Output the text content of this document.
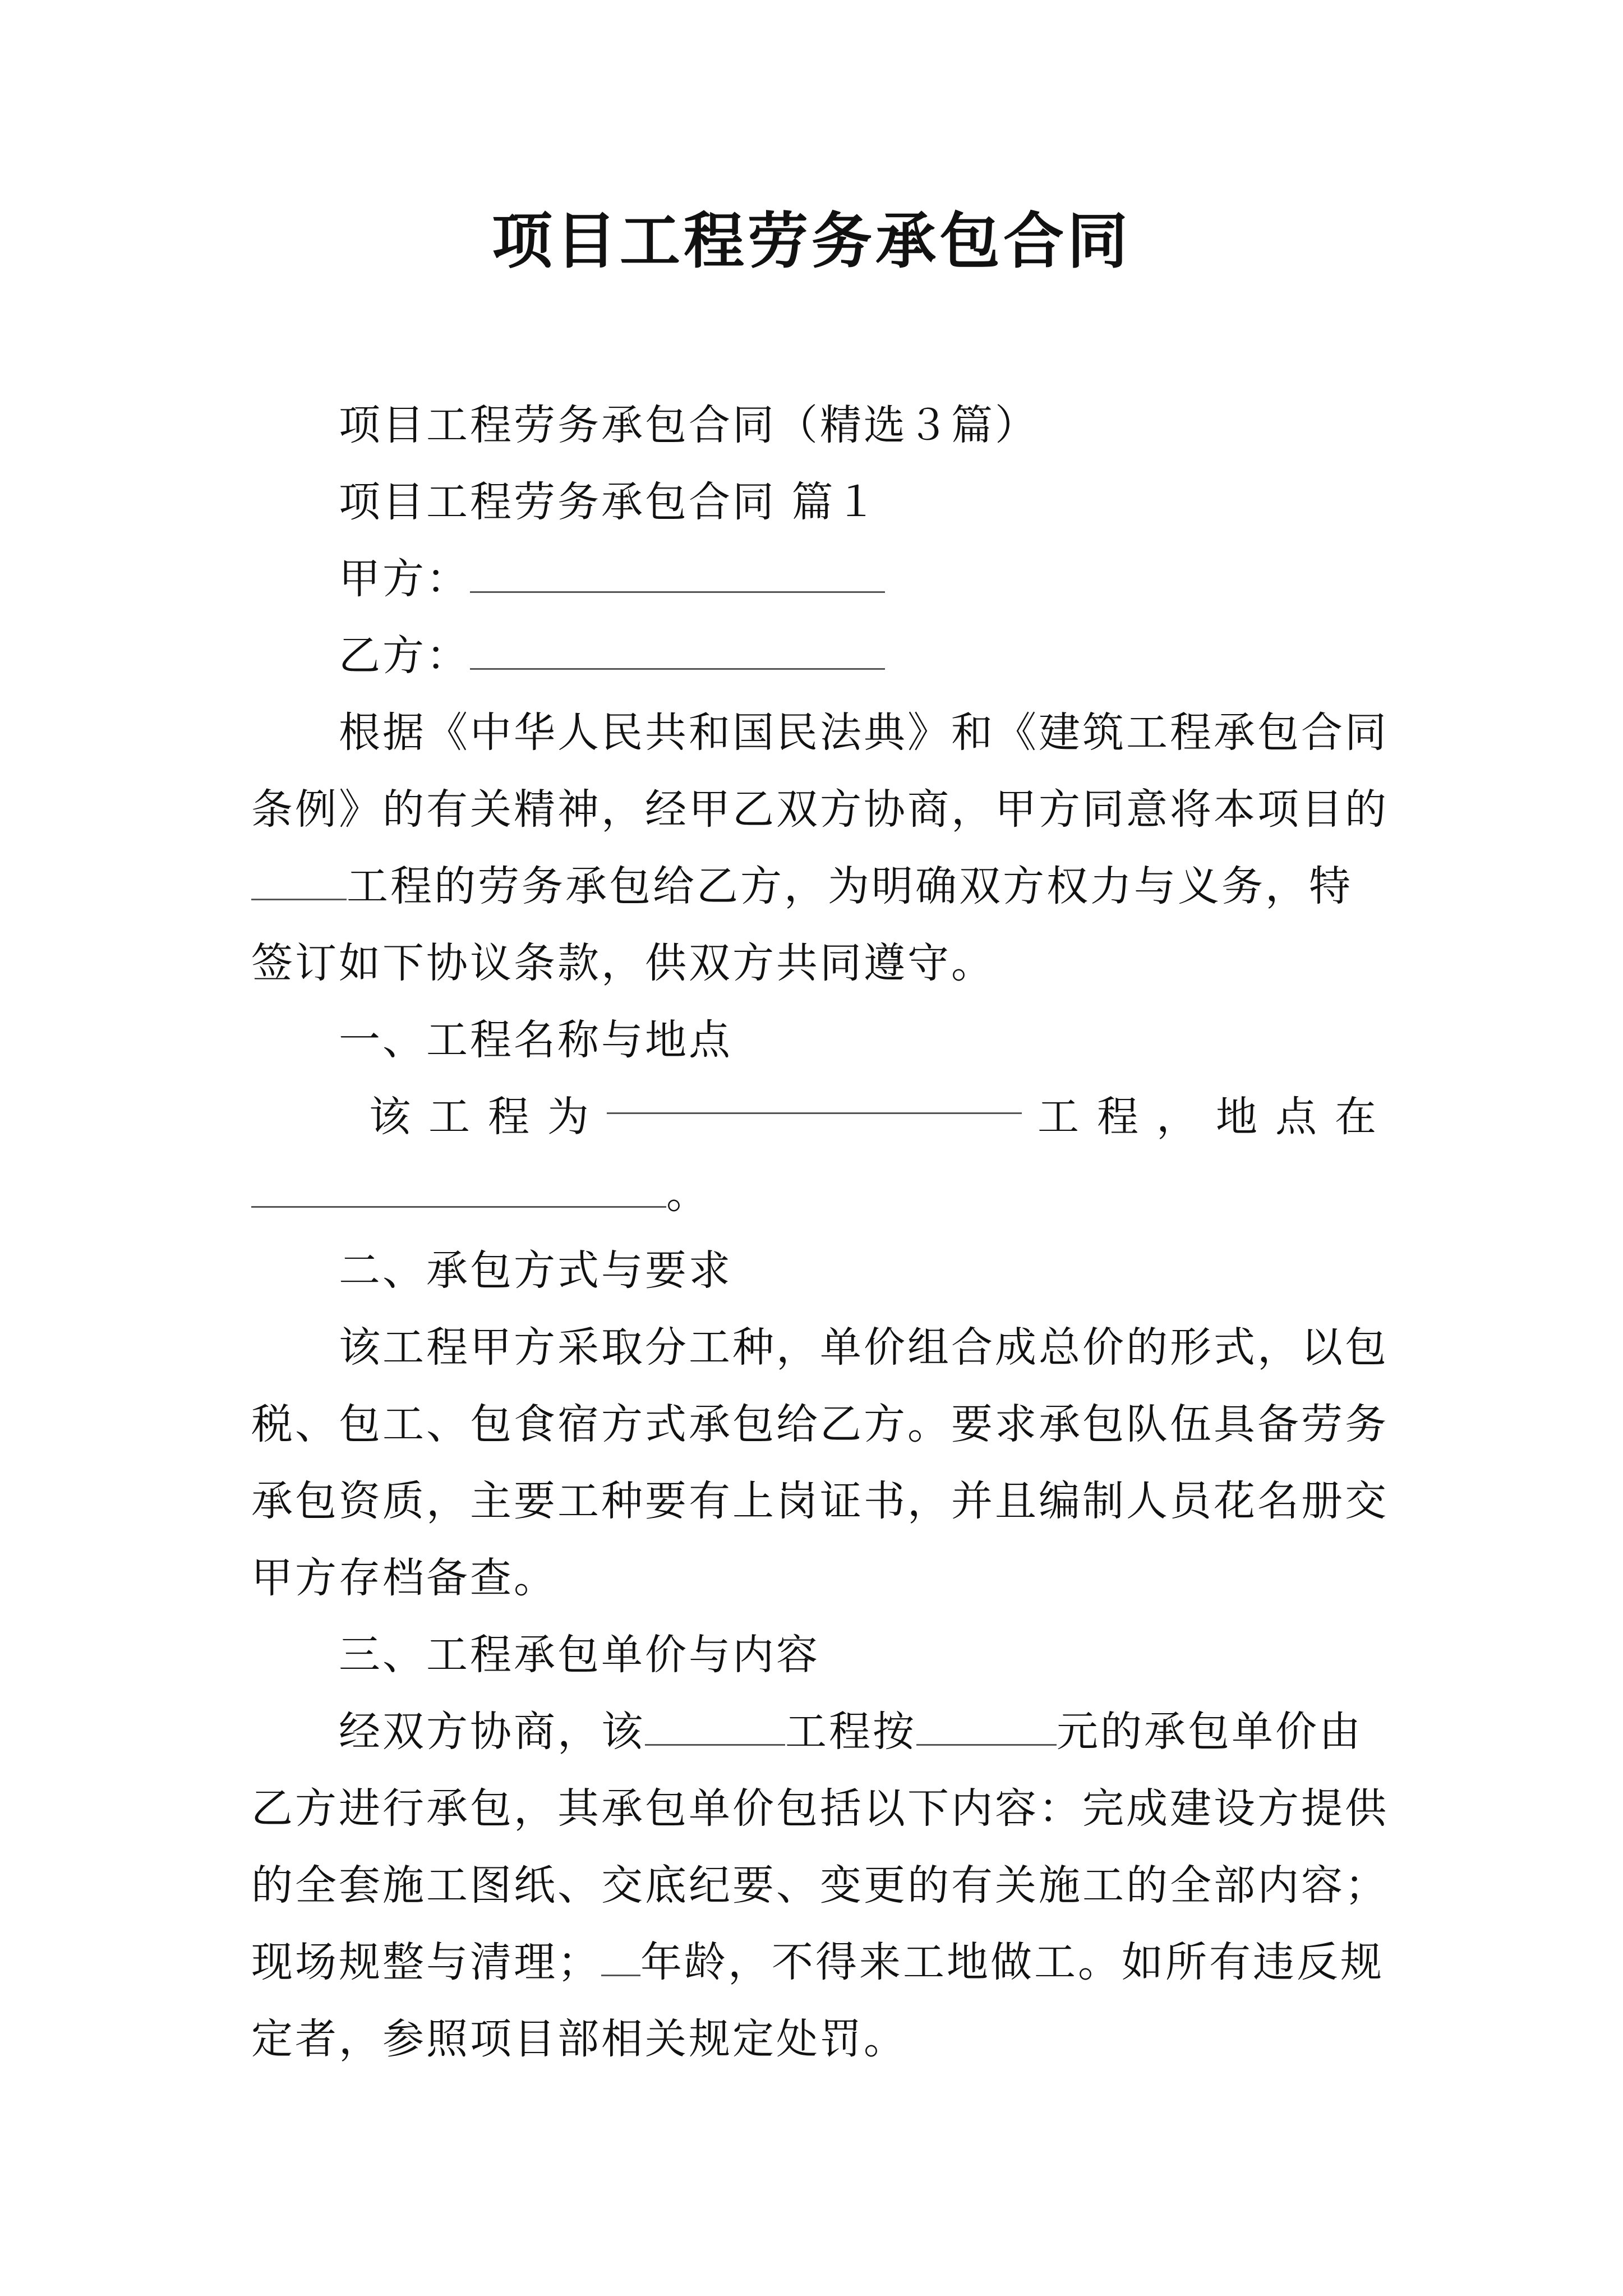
项目工程劳务承包合同
项目工程劳务承包合同（精选３篇）
项目工程劳务承包合同 篇１
甲方：
乙方：
根据《中华人民共和国民法典》和《建筑工程承包合同
条例》的有关精神，经甲乙双方协商，甲方同意将本项目的
工程的劳务承包给乙方，为明确双方权力与义务，特
签订如下协议条款，供双方共同遵守。
一、工程名称与地点
该 工 程 为	工 程 ， 地 点 在
。
二、承包方式与要求
该工程甲方采取分工种，单价组合成总价的形式，以包
税、包工、包食宿方式承包给乙方。要求承包队伍具备劳务
承包资质，主要工种要有上岗证书，并且编制人员花名册交
甲方存档备查。
三、工程承包单价与内容
经双方协商，该	工程按	元的承包单价由
乙方进行承包，其承包单价包括以下内容：完成建设方提供
的全套施工图纸、交底纪要、变更的有关施工的全部内容；
现场规整与清理； 年龄，不得来工地做工。如所有违反规
定者，参照项目部相关规定处罚。
